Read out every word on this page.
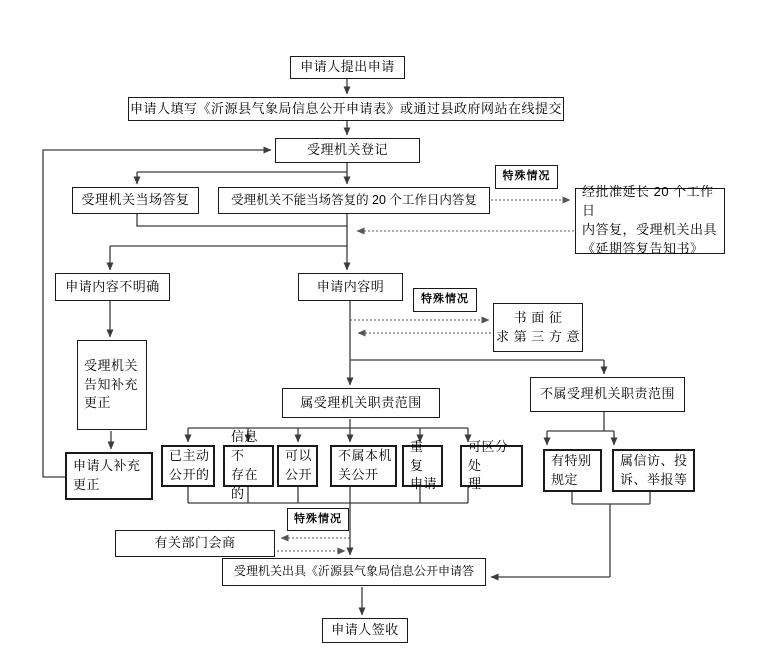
申请人提出申请
申请人填写《沂源县气象局信息公开申请表》或通过县政府网站在线提交
受理机关登记
受理机关当场答复	受理机关不能当场答复的 20 个工作日内答复
特殊情况
经批准延长 20 个工作日
内答复，受理机关出具
《延期答复告知书》
申请内容不明确	申请内容明
特殊情况
书 面 征
求 第 三 方 意
受理机关
告知补充
更正
申请人补充
更正
属受理机关职责范围
不属受理机关职责范围
已主动
公开的
信息不
存在的
可以
公开
不属本机
关公开
重 复
申请
可区分处
理
有特别
规定
属信访、投
诉、举报等
特殊情况
有关部门会商
受理机关出具《沂源县气象局信息公开申请答
申请人签收
